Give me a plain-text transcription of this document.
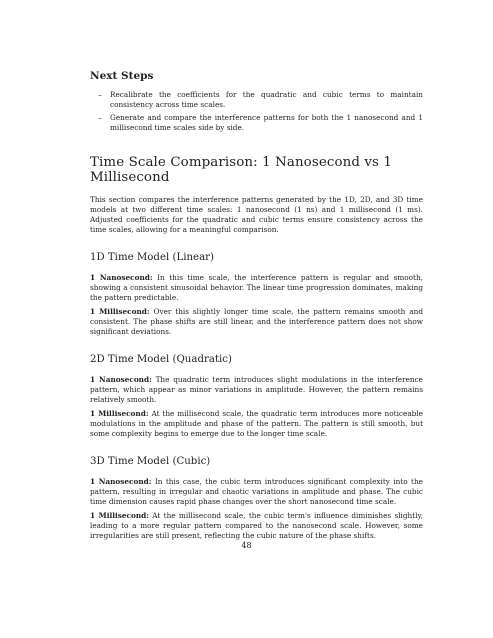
Next Steps
– Recalibrate the coefficients for the quadratic and cubic terms to maintain consistency across time scales.
– Generate and compare the interference patterns for both the 1 nanosecond and 1 millisecond time scales side by side.
Time Scale Comparison: 1 Nanosecond vs 1 Millisecond

This section compares the interference patterns generated by the 1D, 2D, and 3D time models at two different time scales: 1 nanosecond (1 ns) and 1 millisecond (1 ms). Adjusted coefficients for the quadratic and cubic terms ensure consistency across the time scales, allowing for a meaningful comparison.

1D Time Model (Linear)

1 Nanosecond: In this time scale, the interference pattern is regular and smooth, showing a consistent sinusoidal behavior. The linear time progression dominates, making the pattern predictable.

1 Millisecond: Over this slightly longer time scale, the pattern remains smooth and consistent. The phase shifts are still linear, and the interference pattern does not show significant deviations.

2D Time Model (Quadratic)

1 Nanosecond: The quadratic term introduces slight modulations in the interference pattern, which appear as minor variations in amplitude. However, the pattern remains relatively smooth.

1 Millisecond: At the millisecond scale, the quadratic term introduces more noticeable modulations in the amplitude and phase of the pattern. The pattern is still smooth, but some complexity begins to emerge due to the longer time scale.

3D Time Model (Cubic)

1 Nanosecond: In this case, the cubic term introduces significant complexity into the pattern, resulting in irregular and chaotic variations in amplitude and phase. The cubic time dimension causes rapid phase changes over the short nanosecond time scale.

1 Millisecond: At the millisecond scale, the cubic term's influence diminishes slightly, leading to a more regular pattern compared to the nanosecond scale. However, some irregularities are still present, reflecting the cubic nature of the phase shifts.

48
